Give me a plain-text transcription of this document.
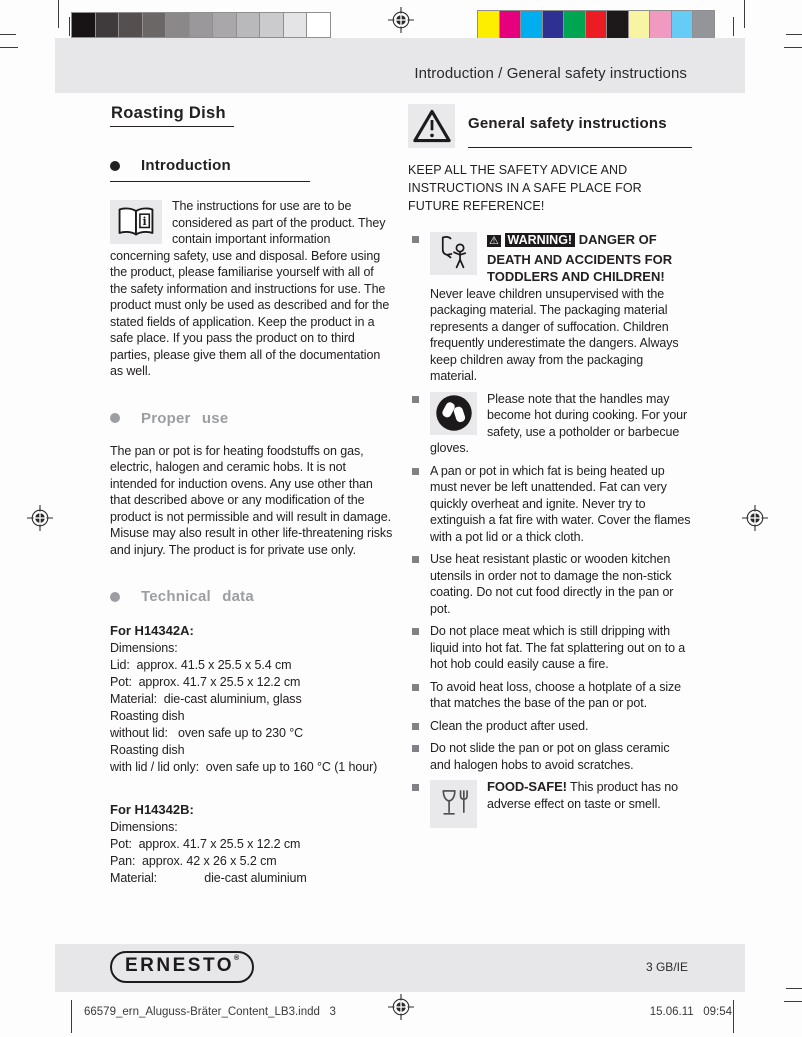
Introduction / General safety instructions
Roasting Dish
Introduction
i
The instructions for use are to be considered as part of the product. They contain important information concerning safety, use and disposal. Before using the product, please familiarise yourself with all of the safety information and instructions for use. The product must only be used as described and for the stated fields of application. Keep the product in a safe place. If you pass the product on to third parties, please give them all of the documentation as well.
Proper use
The pan or pot is for heating foodstuffs on gas, electric, halogen and ceramic hobs. It is not intended for induction ovens. Any use other than that described above or any modification of the product is not permissible and will result in damage. Misuse may also result in other life-threatening risks and injury. The product is for private use only.
Technical data
For H14342A:
Dimensions:
Lid:  approx. 41.5 x 25.5 x 5.4 cm
Pot:  approx. 41.7 x 25.5 x 12.2 cm
Material:  die-cast aluminium, glass
Roasting dish
without lid:   oven safe up to 230 °C
Roasting dish
with lid / lid only:  oven safe up to 160 °C (1 hour)
For H14342B:
Dimensions:
Pot:  approx. 41.7 x 25.5 x 12.2 cm
Pan:  approx. 42 x 26 x 5.2 cm
Material:              die-cast aluminium
General safety instructions
KEEP ALL THE SAFETY ADVICE AND INSTRUCTIONS IN A SAFE PLACE FOR FUTURE REFERENCE!
⚠ WARNING! DANGER OF DEATH AND ACCIDENTS FOR TODDLERS AND CHILDREN!
Never leave children unsupervised with the packaging material. The packaging material represents a danger of suffocation. Children frequently underestimate the dangers. Always keep children away from the packaging material.
Please note that the handles may become hot during cooking. For your safety, use a potholder or barbecue gloves.
A pan or pot in which fat is being heated up must never be left unattended. Fat can very quickly overheat and ignite. Never try to extinguish a fat fire with water. Cover the flames with a pot lid or a thick cloth.
Use heat resistant plastic or wooden kitchen utensils in order not to damage the non-stick coating. Do not cut food directly in the pan or pot.
Do not place meat which is still dripping with liquid into hot fat. The fat splattering out on to a hot hob could easily cause a fire.
To avoid heat loss, choose a hotplate of a size that matches the base of the pan or pot.
Clean the product after used.
Do not slide the pan or pot on glass ceramic and halogen hobs to avoid scratches.
FOOD-SAFE! This product has no adverse effect on taste or smell.
ERNESTO®
3 GB/IE
66579_ern_Aluguss-Bräter_Content_LB3.indd   3	15.06.11   09:54
